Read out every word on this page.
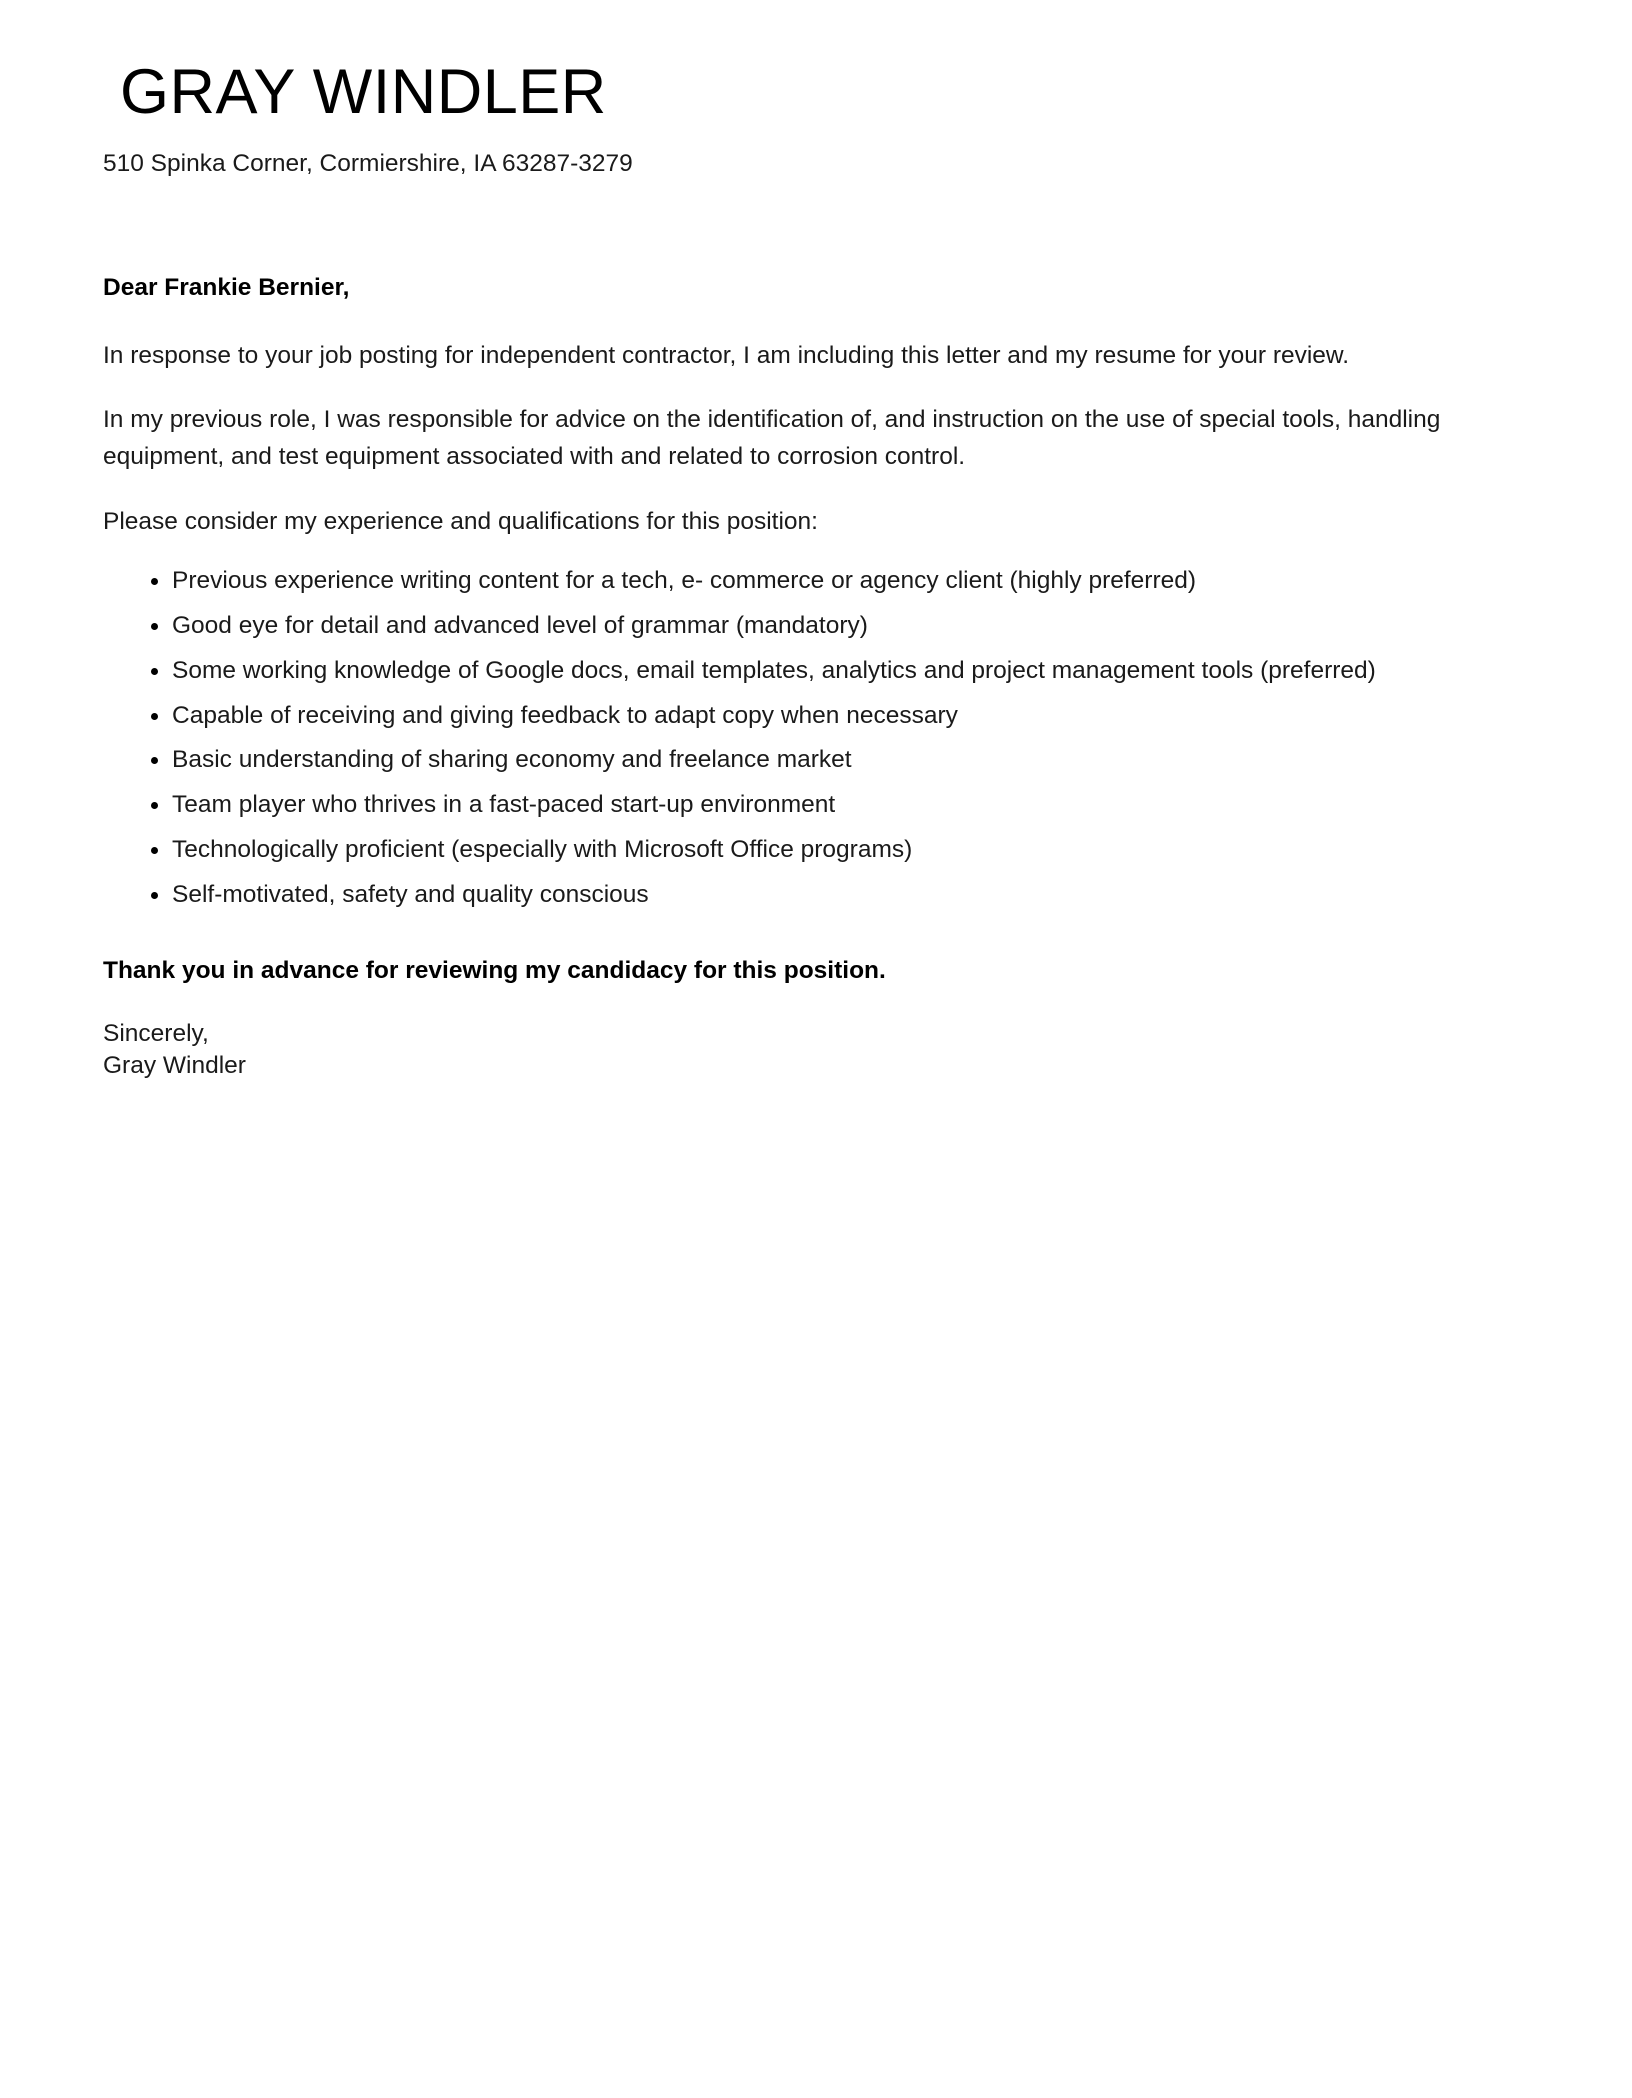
GRAY WINDLER

510 Spinka Corner, Cormiershire, IA 63287-3279

Dear Frankie Bernier,

In response to your job posting for independent contractor, I am including this letter and my resume for your review.

In my previous role, I was responsible for advice on the identification of, and instruction on the use of special tools, handling equipment, and test equipment associated with and related to corrosion control.

Please consider my experience and qualifications for this position:

Previous experience writing content for a tech, e- commerce or agency client (highly preferred)
Good eye for detail and advanced level of grammar (mandatory)
Some working knowledge of Google docs, email templates, analytics and project management tools (preferred)
Capable of receiving and giving feedback to adapt copy when necessary
Basic understanding of sharing economy and freelance market
Team player who thrives in a fast-paced start-up environment
Technologically proficient (especially with Microsoft Office programs)
Self-motivated, safety and quality conscious

Thank you in advance for reviewing my candidacy for this position.

Sincerely,
Gray Windler
